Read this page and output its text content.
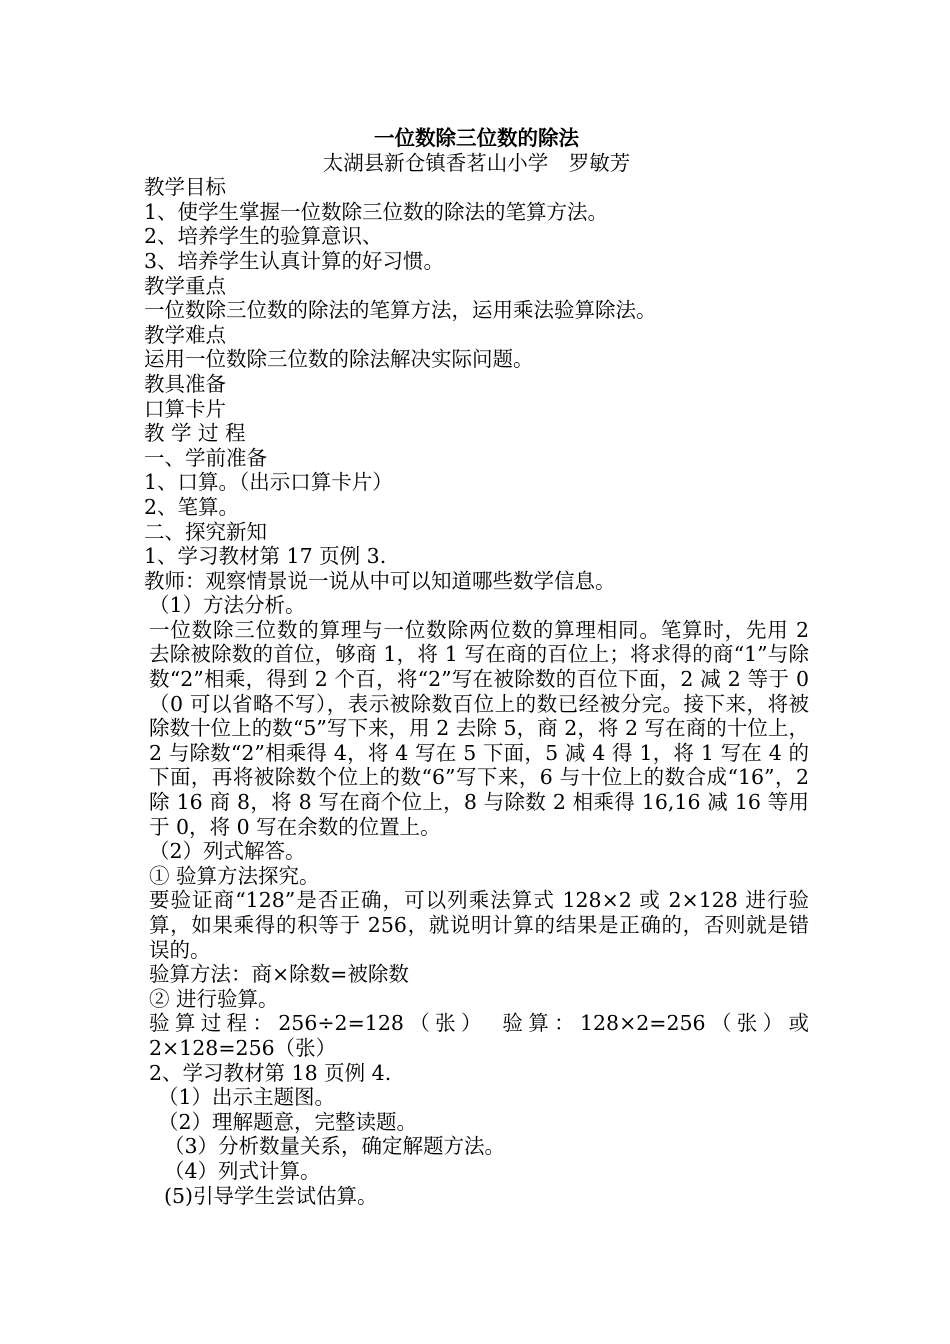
一位数除三位数的除法

太湖县新仓镇香茗山小学　罗敏芳

教学目标

1、使学生掌握一位数除三位数的除法的笔算方法。

2、培养学生的验算意识、

3、培养学生认真计算的好习惯。

教学重点

一位数除三位数的除法的笔算方法，运用乘法验算除法。

教学难点

运用一位数除三位数的除法解决实际问题。

教具准备

口算卡片

教 学 过 程

一、学前准备

1、口算。（出示口算卡片）

2、笔算。

二、探究新知

1、学习教材第 17 页例 3.

教师：观察情景说一说从中可以知道哪些数学信息。

（1）方法分析。

一位数除三位数的算理与一位数除两位数的算理相同。笔算时，先用 2 去除被除数的首位，够商 1，将 1 写在商的百位上；将求得的商“1”与除数“2”相乘，得到 2 个百，将“2”写在被除数的百位下面，2 减 2 等于 0（0 可以省略不写），表示被除数百位上的数已经被分完。接下来，将被除数十位上的数“5”写下来，用 2 去除 5，商 2，将 2 写在商的十位上，2 与除数“2”相乘得 4，将 4 写在 5 下面，5 减 4 得 1，将 1 写在 4 的下面，再将被除数个位上的数“6”写下来，6 与十位上的数合成“16”，2 除 16 商 8，将 8 写在商个位上，8 与除数 2 相乘得 16,16 减 16 等用于 0，将 0 写在余数的位置上。

（2）列式解答。

① 验算方法探究。

要验证商“128”是否正确，可以列乘法算式 128×2 或 2×128 进行验算，如果乘得的积等于 256，就说明计算的结果是正确的，否则就是错误的。

验算方法：商×除数=被除数

② 进行验算。

验算过程：256÷2=128（张）　验算：128×2=256（张）或 2×128=256（张）

2、学习教材第 18 页例 4.

（1）出示主题图。

（2）理解题意，完整读题。

（3）分析数量关系，确定解题方法。

（4）列式计算。

(5)引导学生尝试估算。
